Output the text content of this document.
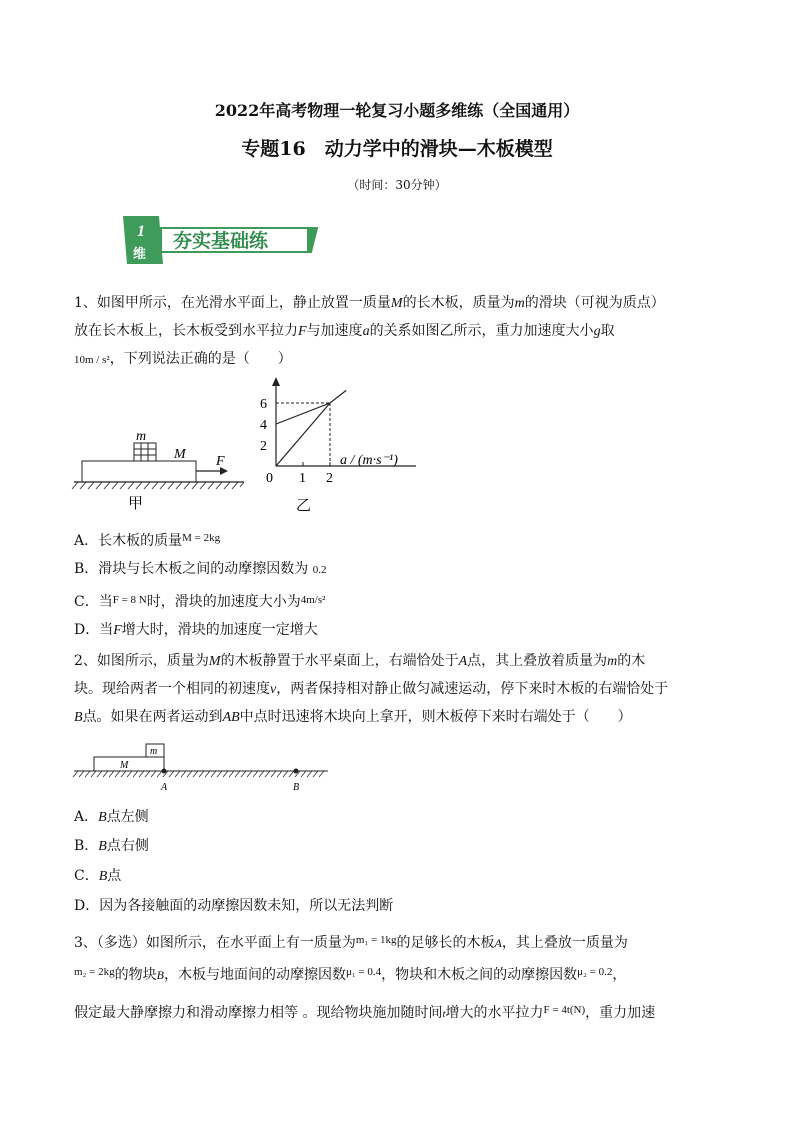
2022年高考物理一轮复习小题多维练（全国通用）
专题16　动力学中的滑块—木板模型
（时间：30分钟）
1
维
夯实基础练
1、如图甲所示，在光滑水平面上，静止放置一质量M的长木板，质量为m的滑块（可视为质点）
放在长木板上，长木板受到水平拉力F与加速度a的关系如图乙所示，重力加速度大小g取
10m / s²，下列说法正确的是（　　）
m
M F
甲
6
4
2
0 1 2
a / (m·s⁻¹)
乙
A．长木板的质量$^{M = 2kg}$
B．滑块与长木板之间的动摩擦因数为 0.2
C．当$^{F = 8 N}$时，滑块的加速度大小为$^{4m/s^2}$
D．当F增大时，滑块的加速度一定增大
2、如图所示，质量为M的木板静置于水平桌面上，右端恰处于A点，其上叠放着质量为m的木
块。现给两者一个相同的初速度v，两者保持相对静止做匀减速运动，停下来时木板的右端恰处于
B点。如果在两者运动到AB中点时迅速将木块向上拿开，则木板停下来时右端处于（　　）
m
M
A	B
A．B点左侧
B．B点右侧
C．B点
D．因为各接触面的动摩擦因数未知，所以无法判断
3、（多选）如图所示，在水平面上有一质量为$^{m_1 = 1kg}$的足够长的木板A，其上叠放一质量为
$^{m_2 = 2kg}$的物块B，木板与地面间的动摩擦因数$^{\mu_1 = 0.4}$，物块和木板之间的动摩擦因数$^{\mu_2 = 0.2}$，
假定最大静摩擦力和滑动摩擦力相等 。现给物块施加随时间t增大的水平拉力$^{F = 4t(N)}$，重力加速
